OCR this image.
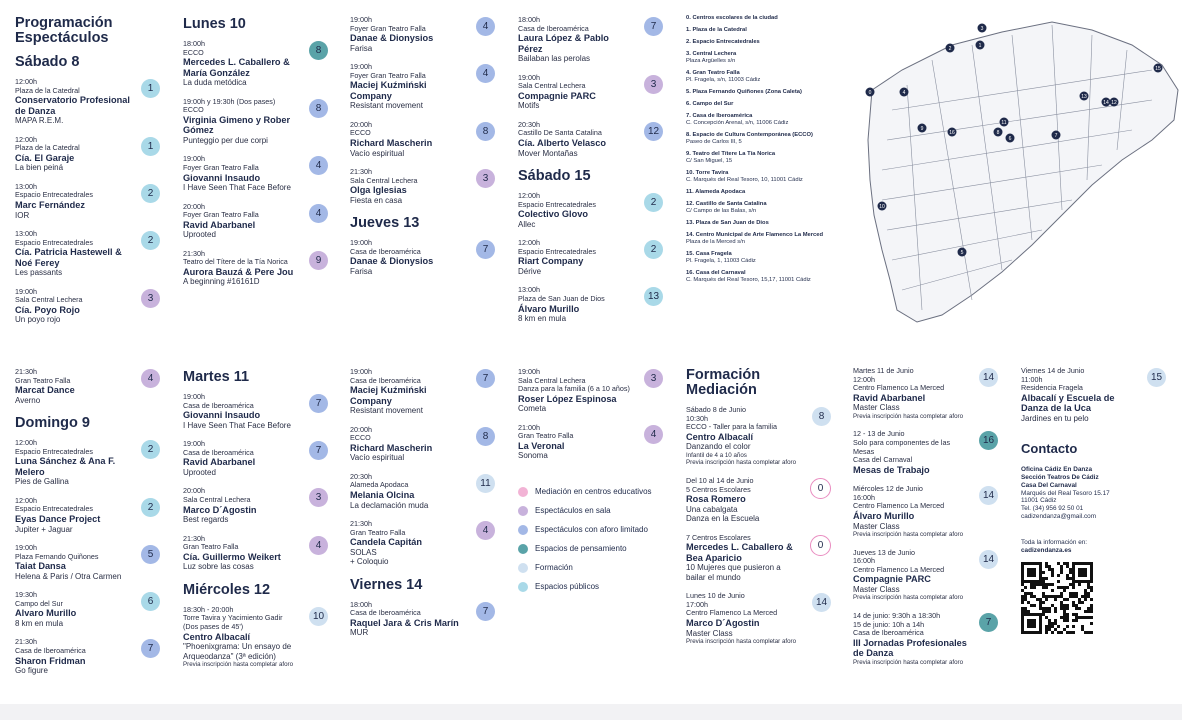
Programación
Espectáculos
Sábado 8
12:00h
Plaza de la Catedral
Conservatorio Profesional de Danza
MAPA R.E.M.
1
12:00h
Plaza de la Catedral
Cía. El Garaje
La bien peiná
1
13:00h
Espacio Entrecatedrales
Marc Fernández
IOR
2
13:00h
Espacio Entrecatedrales
Cía. Patricia Hastewell & Noé Ferey
Les passants
2
19:00h
Sala Central Lechera
Cía. Poyo Rojo
Un poyo rojo
3
21:30h
Gran Teatro Falla
Marcat Dance
Averno
4
Domingo 9
12:00h
Espacio Entrecatedrales
Luna Sánchez & Ana F. Melero
Pies de Gallina
2
12:00h
Espacio Entrecatedrales
Eyas Dance Project
Jupiter + Jaguar
2
19:00h
Plaza Fernando Quiñones
Taiat Dansa
Helena & Paris / Otra Carmen
5
19:30h
Campo del Sur
Alvaro Murillo
8 km en mula
6
21:30h
Casa de Iberoamérica
Sharon Fridman
Go figure
7
Lunes 10
18:00h
ECCO
Mercedes L. Caballero & María González
La duda metódica
8
19:00h y 19:30h (Dos pases)
ECCO
Virginia Gimeno y Rober Gómez
Punteggio per due corpi
8
19:00h
Foyer Gran Teatro Falla
Giovanni Insaudo
I Have Seen That Face Before
4
20:00h
Foyer Gran Teatro Falla
Ravid Abarbanel
Uprooted
4
21:30h
Teatro del Títere de la Tía Norica
Aurora Bauzá & Pere Jou
A beginning #16161D
9
Martes 11
19:00h
Casa de Iberoamérica
Giovanni Insaudo
I Have Seen That Face Before
7
19:00h
Casa de Iberoamérica
Ravid Abarbanel
Uprooted
7
20:00h
Sala Central Lechera
Marco D´Agostin
Best regards
3
21:30h
Gran Teatro Falla
Cía. Guillermo Weikert
Luz sobre las cosas
4
Miércoles 12
18:30h - 20:00h
Torre Tavira y Yacimiento Gadir
(Dos pases de 45')
Centro Albacalí
"Phoenixgrama: Un ensayo de Arqueodanza" (3ª edición)
Previa inscripción hasta completar aforo
10
19:00h
Foyer Gran Teatro Falla
Danae & Dionysios
Farisa
4
19:00h
Foyer Gran Teatro Falla
Maciej Kuźmiński Company
Resistant movement
4
20:00h
ECCO
Richard Mascherin
Vacío espiritual
8
21:30h
Sala Central Lechera
Olga Iglesias
Fiesta en casa
3
Jueves 13
19:00h
Casa de Iberoamérica
Danae & Dionysios
Farisa
7
19:00h
Casa de Iberoamérica
Maciej Kuźmiński Company
Resistant movement
7
20:00h
ECCO
Richard Mascherin
Vacío espiritual
8
20:30h
Alameda Apodaca
Melania Olcina
La declamación muda
11
21:30h
Gran Teatro Falla
Candela Capitán
SOLAS
+ Coloquio
4
Viernes 14
18:00h
Casa de Iberoamérica
Raquel Jara & Cris Marín
MUR
7
18:00h
Casa de Iberoamérica
Laura López & Pablo Pérez
Bailaban las perolas
7
19:00h
Sala Central Lechera
Compagnie PARC
Motifs
3
20:30h
Castillo De Santa Catalina
Cía. Alberto Velasco
Mover Montañas
12
Sábado 15
12:00h
Espacio Entrecatedrales
Colectivo Glovo
Allec
2
12:00h
Espacio Entrecatedrales
Riart Company
Dérive
2
13:00h
Plaza de San Juan de Dios
Álvaro Murillo
8 km en mula
13
19:00h
Sala Central Lechera
Danza para la familia (6 a 10 años)
Roser López Espinosa
Cometa
3
21:00h
Gran Teatro Falla
La Veronal
Sonoma
4
Mediación en centros educativos
Espectáculos en sala
Espectáculos con aforo limitado
Espacios de pensamiento
Formación
Espacios públicos
0. Centros escolares de la ciudad
1. Plaza de la Catedral
2. Espacio Entrecatedrales
3. Central Lechera
Plaza Argüelles s/n
4. Gran Teatro Falla
Pl. Fragela, s/n, 11003 Cádiz
5. Plaza Fernando Quiñones (Zona Caleta)
6. Campo del Sur
7. Casa de Iberoamérica
C. Concepción Arenal, s/n, 11006 Cádiz
8. Espacio de Cultura Contemporánea (ECCO)
Paseo de Carlos III, 5
9. Teatro del Títere La Tía Norica
C/ San Miguel, 15
10. Torre Tavira
C. Marqués del Real Tesoro, 10, 11001 Cádiz
11. Alameda Apodaca
12. Castillo de Santa Catalina
C/ Campo de las Balas, s/n
13. Plaza de San Juan de Dios
14. Centro Municipal de Arte Flamenco La Merced
Plaza de la Merced s/n
15. Casa Fragela
Pl. Fragela, 1, 11003 Cádiz
16. Casa del Carnaval
C. Marqués del Real Tesoro, 15,17, 11001 Cádiz
0
1
2
3
4
5
6	7
8
9
10
11
12
13
14
15
16
Formación
Mediación
Sábado 8 de Junio
10:30h
ECCO - Taller para la familia
Centro Albacalí
Danzando el color
Infantil de 4 a 10 años
Previa inscripción hasta completar aforo
8
Del 10 al 14 de Junio
5 Centros Escolares
Rosa Romero
Una cabalgata
Danza en la Escuela
0
7 Centros Escolares
Mercedes L. Caballero & Bea Aparicio
10 Mujeres que pusieron a bailar el mundo
0
Lunes 10 de Junio
17:00h
Centro Flamenco La Merced
Marco D´Agostin
Master Class
Previa inscripción hasta completar aforo
14
Martes 11 de Junio
12:00h
Centro Flamenco La Merced
Ravid Abarbanel
Master Class
Previa inscripción hasta completar aforo
14
12 - 13 de Junio
Solo para componentes de las Mesas
Casa del Carnaval
Mesas de Trabajo
16
Miércoles 12 de Junio
16:00h
Centro Flamenco La Merced
Álvaro Murillo
Master Class
Previa inscripción hasta completar aforo
14
Jueves 13 de Junio
16:00h
Centro Flamenco La Merced
Compagnie PARC
Master Class
Previa inscripción hasta completar aforo
14
14 de junio: 9:30h a 18:30h
15 de junio: 10h a 14h
Casa de Iberoamérica
III Jornadas Profesionales de Danza
Previa inscripción hasta completar aforo
7
Viernes 14 de Junio
11:00h
Residencia Fragela
Albacalí y Escuela de Danza de la Uca
Jardines en tu pelo
15
Contacto
Oficina Cádiz En Danza
Sección Teatros De Cádiz
Casa Del Carnaval
Marqués del Real Tesoro 15.17
11001 Cádiz
Tel. (34) 956 92 50 01
cadizendanza@gmail.com
Toda la información en:
cadizendanza.es
